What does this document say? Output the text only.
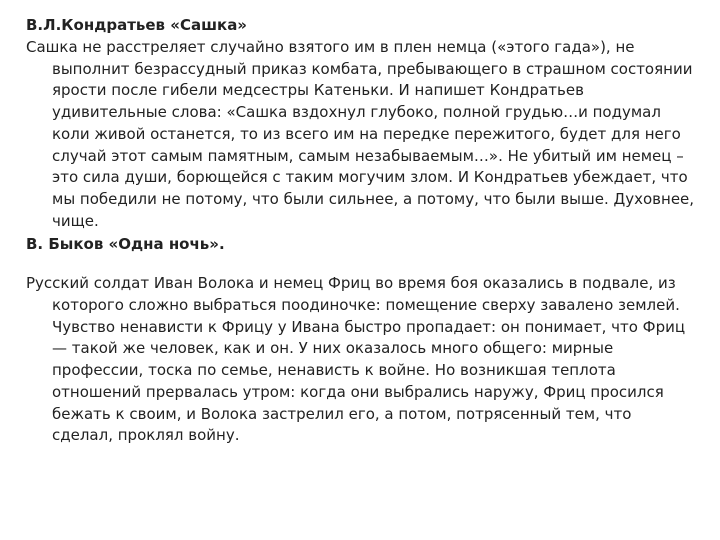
В.Л.Кондратьев «Сашка»

Сашка не расстреляет случайно взятого им в плен немца («этого гада»), не выполнит безрассудный приказ комбата, пребывающего в страшном состоянии ярости после гибели медсестры Катеньки. И напишет Кондратьев удивительные слова: «Сашка вздохнул глубоко, полной грудью…и подумал коли живой останется, то из всего им на передке пережитого, будет для него случай этот самым памятным, самым незабываемым…». Не убитый им немец – это сила души, борющейся с таким могучим злом. И Кондратьев убеждает, что мы победили не потому, что были сильнее, а потому, что были выше. Духовнее, чище.

В. Быков «Одна ночь».

Русский солдат Иван Волока и немец Фриц во время боя оказались в подвале, из которого сложно выбраться поодиночке: помещение сверху завалено землей. Чувство ненависти к Фрицу у Ивана быстро пропадает: он понимает, что Фриц — такой же человек, как и он. У них оказалось много общего: мирные профессии, тоска по семье, ненависть к войне. Но возникшая теплота отношений прервалась утром: когда они выбрались наружу, Фриц просился бежать к своим, и Волока застрелил его, а потом, потрясенный тем, что сделал, проклял войну.
